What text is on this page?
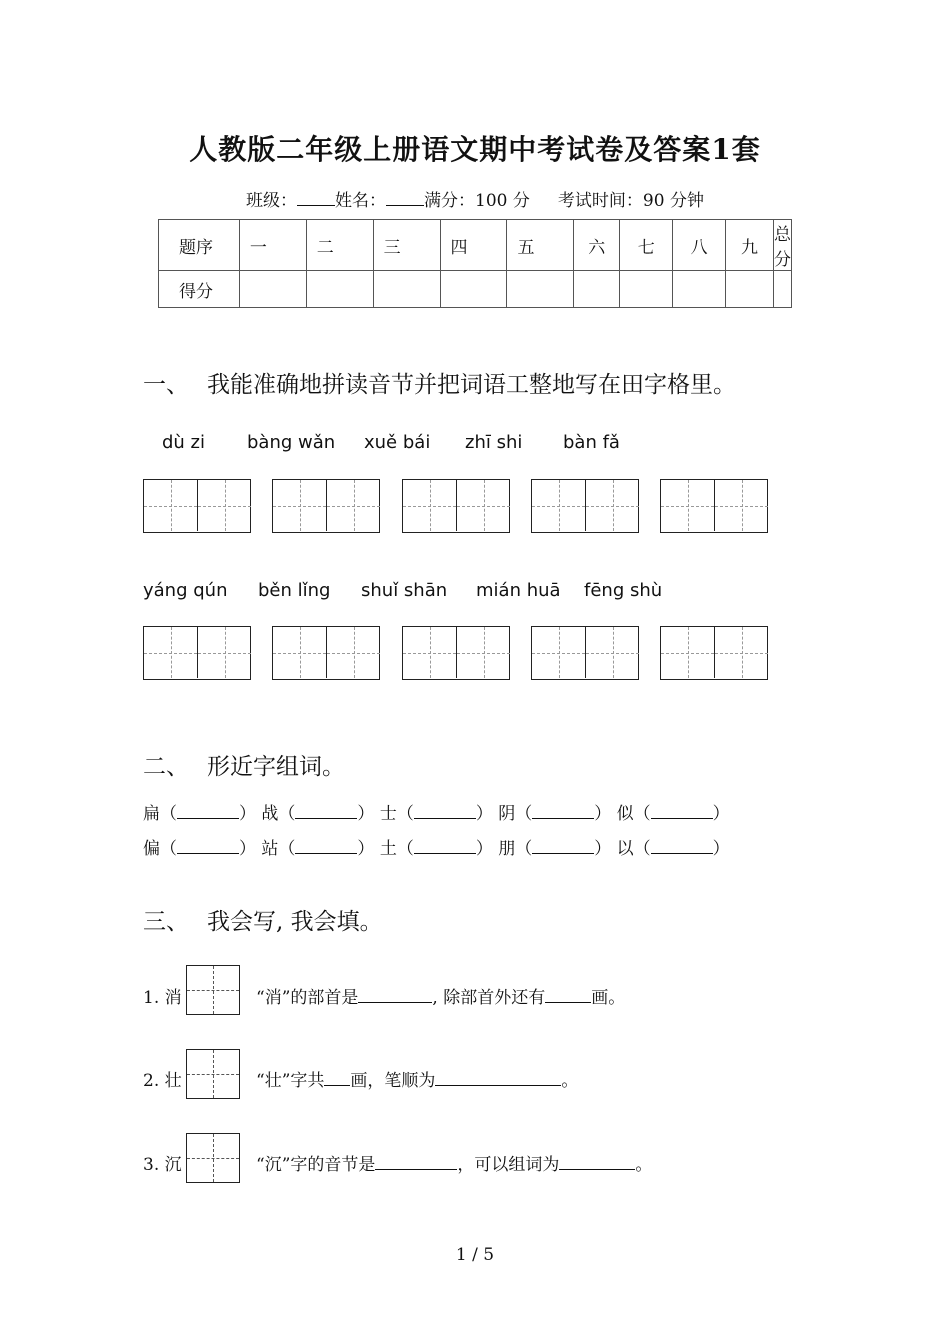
人教版二年级上册语文期中考试卷及答案1套
班级： 姓名： 满分：100 分 考试时间：90 分钟
题序	一	二	三	四	五	六	七	八	九	总分
得分										
一、 我能准确地拼读音节并把词语工整地写在田字格里。
dù zi bàng wǎn xuě bái zhī shi bàn fǎ
yáng qún běn lǐng shuǐ shān mián huā fēng shù
二、 形近字组词。
扁（	） 战（	） 士（	） 阴（	） 似（	）
偏（	） 站（	） 土（	） 朋（	） 以（	）
三、 我会写, 我会填。
1. 消	“消”的部首是	, 除部首外还有	画。
2. 壮	“壮”字共 画，笔顺为	。
3. 沉	“沉”字的音节是	，可以组词为	。
1 / 5
